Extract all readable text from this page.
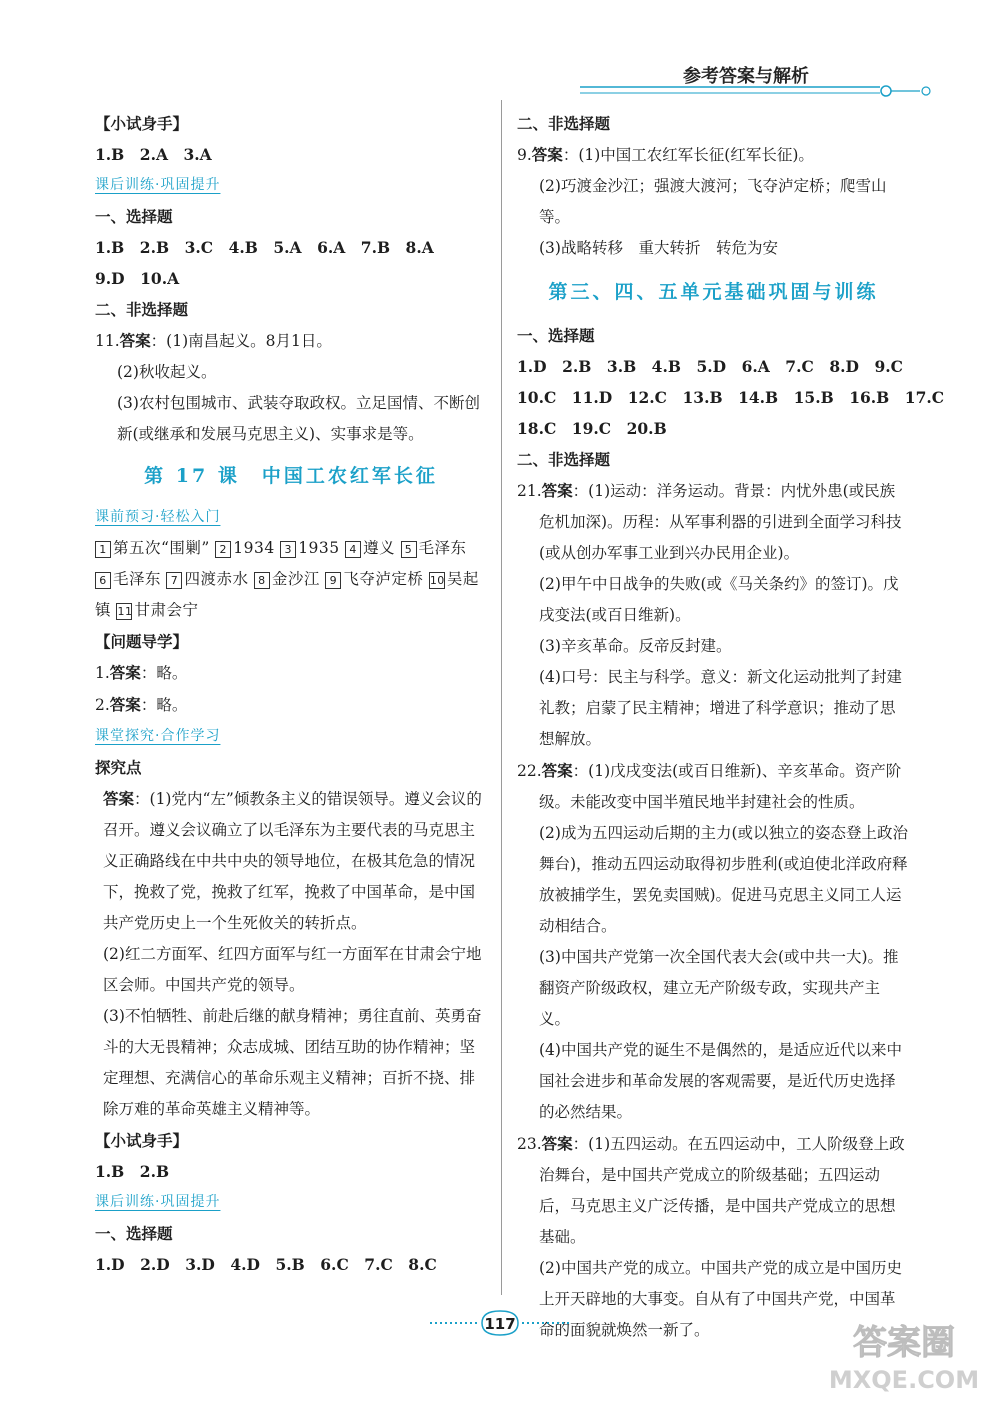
参考答案与解析
【小试身手】
1.B　2.A　3.A
课后训练·巩固提升
一、选择题
1.B　2.B　3.C　4.B　5.A　6.A　7.B　8.A
9.D　10.A
二、非选择题
11.答案：(1)南昌起义。8月1日。
(2)秋收起义。
(3)农村包围城市、武装夺取政权。立足国情、不断创新(或继承和发展马克思主义)、实事求是等。
第 17 课　中国工农红军长征
课前预习·轻松入门
1 第五次“围剿” 2 1934 3 1935 4 遵义 5 毛泽东 6 毛泽东 7 四渡赤水 8 金沙江 9 飞夺泸定桥 10 吴起镇 11 甘肃会宁
【问题导学】
1.答案：略。
2.答案：略。
课堂探究·合作学习
探究点
答案：(1)党内“左”倾教条主义的错误领导。遵义会议的召开。遵义会议确立了以毛泽东为主要代表的马克思主义正确路线在中共中央的领导地位，在极其危急的情况下，挽救了党，挽救了红军，挽救了中国革命，是中国共产党历史上一个生死攸关的转折点。
(2)红二方面军、红四方面军与红一方面军在甘肃会宁地区会师。中国共产党的领导。
(3)不怕牺牲、前赴后继的献身精神；勇往直前、英勇奋斗的大无畏精神；众志成城、团结互助的协作精神；坚定理想、充满信心的革命乐观主义精神；百折不挠、排除万难的革命英雄主义精神等。
【小试身手】
1.B　2.B
课后训练·巩固提升
一、选择题
1.D　2.D　3.D　4.D　5.B　6.C　7.C　8.C
二、非选择题
9.答案：(1)中国工农红军长征(红军长征)。
(2)巧渡金沙江；强渡大渡河；飞夺泸定桥；爬雪山等。
(3)战略转移　重大转折　转危为安
第三、四、五单元基础巩固与训练
一、选择题
1.D　2.B　3.B　4.B　5.D　6.A　7.C　8.D　9.C
10.C　11.D　12.C　13.B　14.B　15.B　16.B　17.C
18.C　19.C　20.B
二、非选择题
21.答案：(1)运动：洋务运动。背景：内忧外患(或民族危机加深)。历程：从军事利器的引进到全面学习科技(或从创办军事工业到兴办民用企业)。
(2)甲午中日战争的失败(或《马关条约》的签订)。戊戌变法(或百日维新)。
(3)辛亥革命。反帝反封建。
(4)口号：民主与科学。意义：新文化运动批判了封建礼教；启蒙了民主精神；增进了科学意识；推动了思想解放。
22.答案：(1)戊戌变法(或百日维新)、辛亥革命。资产阶级。未能改变中国半殖民地半封建社会的性质。
(2)成为五四运动后期的主力(或以独立的姿态登上政治舞台)，推动五四运动取得初步胜利(或迫使北洋政府释放被捕学生，罢免卖国贼)。促进马克思主义同工人运动相结合。
(3)中国共产党第一次全国代表大会(或中共一大)。推翻资产阶级政权，建立无产阶级专政，实现共产主义。
(4)中国共产党的诞生不是偶然的，是适应近代以来中国社会进步和革命发展的客观需要，是近代历史选择的必然结果。
23.答案：(1)五四运动。在五四运动中，工人阶级登上政治舞台，是中国共产党成立的阶级基础；五四运动后，马克思主义广泛传播，是中国共产党成立的思想基础。
(2)中国共产党的成立。中国共产党的成立是中国历史上开天辟地的大事变。自从有了中国共产党，中国革命的面貌就焕然一新了。
117	答案圈
MXQE.COM
